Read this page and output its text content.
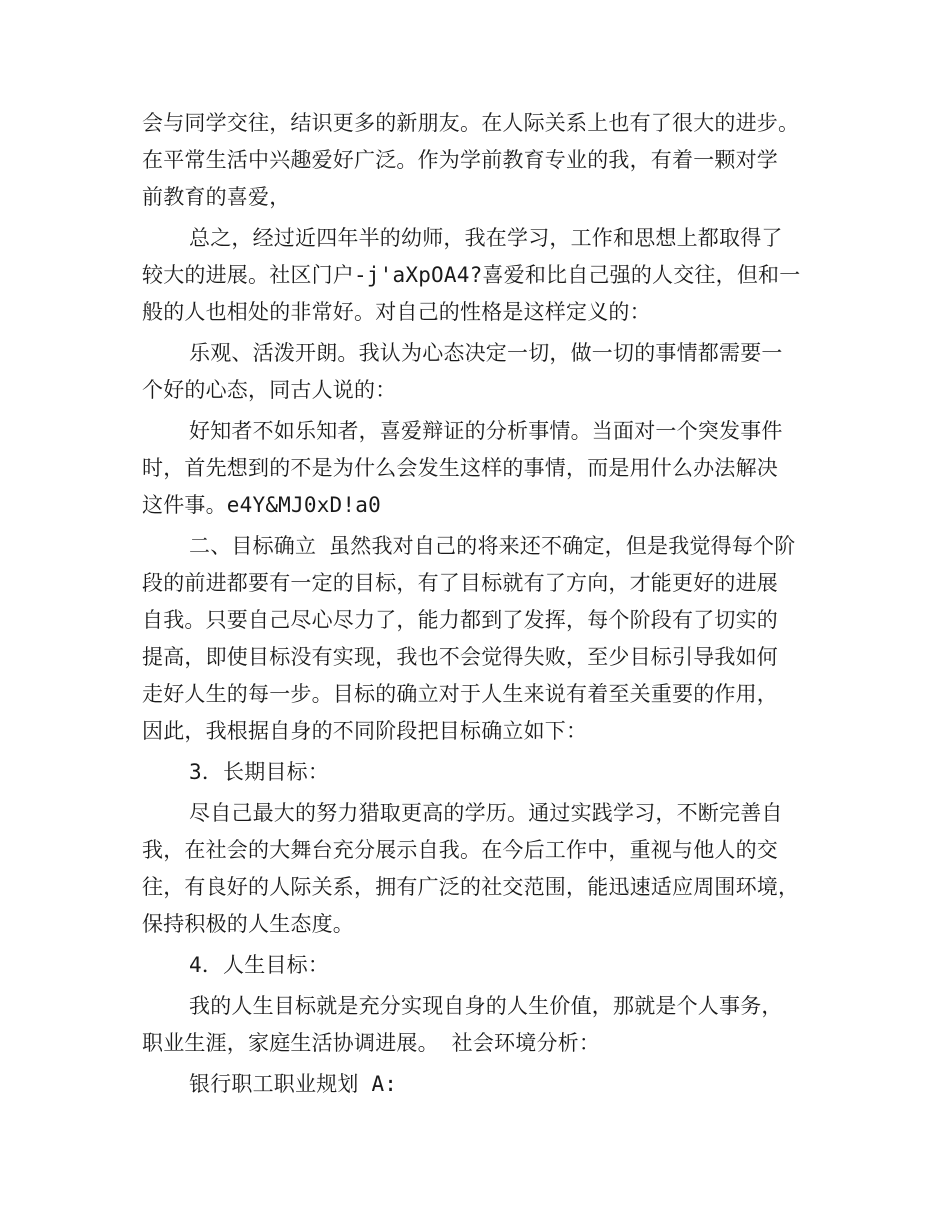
会与同学交往，结识更多的新朋友。在人际关系上也有了很大的进步。
在平常生活中兴趣爱好广泛。作为学前教育专业的我，有着一颗对学
前教育的喜爱，
总之，经过近四年半的幼师，我在学习，工作和思想上都取得了
较大的进展。社区门户-j'aXpOA4?喜爱和比自己强的人交往，但和一
般的人也相处的非常好。对自己的性格是这样定义的：
乐观、活泼开朗。我认为心态决定一切，做一切的事情都需要一
个好的心态，同古人说的：
好知者不如乐知者，喜爱辩证的分析事情。当面对一个突发事件
时，首先想到的不是为什么会发生这样的事情，而是用什么办法解决
这件事。e4Y&MJ0xD!a0
二、目标确立 虽然我对自己的将来还不确定，但是我觉得每个阶
段的前进都要有一定的目标，有了目标就有了方向，才能更好的进展
自我。只要自己尽心尽力了，能力都到了发挥，每个阶段有了切实的
提高，即使目标没有实现，我也不会觉得失败，至少目标引导我如何
走好人生的每一步。目标的确立对于人生来说有着至关重要的作用，
因此，我根据自身的不同阶段把目标确立如下：
3．长期目标：
尽自己最大的努力猎取更高的学历。通过实践学习，不断完善自
我，在社会的大舞台充分展示自我。在今后工作中，重视与他人的交
往，有良好的人际关系，拥有广泛的社交范围，能迅速适应周围环境，
保持积极的人生态度。
4．人生目标：
我的人生目标就是充分实现自身的人生价值，那就是个人事务，
职业生涯，家庭生活协调进展。 社会环境分析：
银行职工职业规划 A:
